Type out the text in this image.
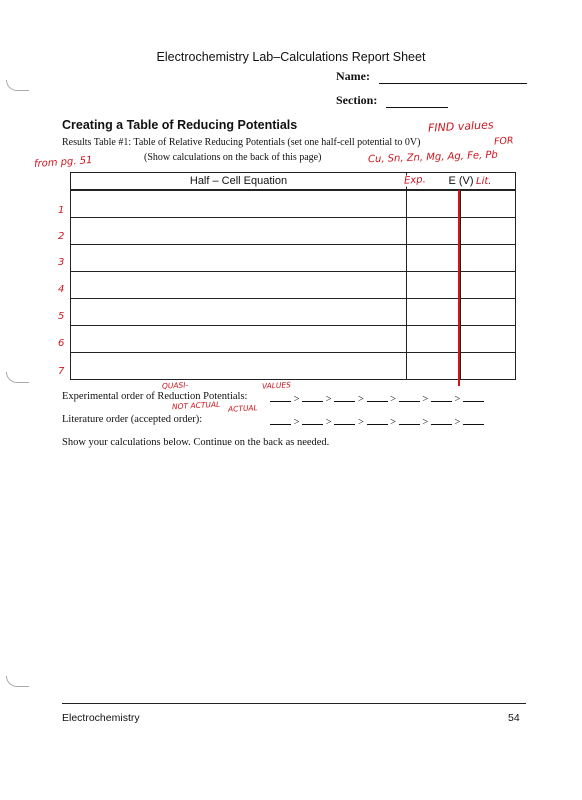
Electrochemistry Lab–Calculations Report Sheet
Name:
Section:
Creating a Table of Reducing Potentials
Results Table #1: Table of Relative Reducing Potentials (set one half-cell potential to 0V)
(Show calculations on the back of this page)
FIND values
FOR
Cu, Sn, Zn, Mg, Ag, Fe, Pb
from pg. 51
Half – Cell Equation	E (V)	

Exp.	Lit.
1
2
3
4
5
6
7
QUASI-	VALUES
Experimental order of Reduction Potentials:	>	>	>	>	>	>
NOT ACTUAL ACTUAL
Literature order (accepted order):	>	>	>	>	>	>
Show your calculations below. Continue on the back as needed.
Electrochemistry	54
